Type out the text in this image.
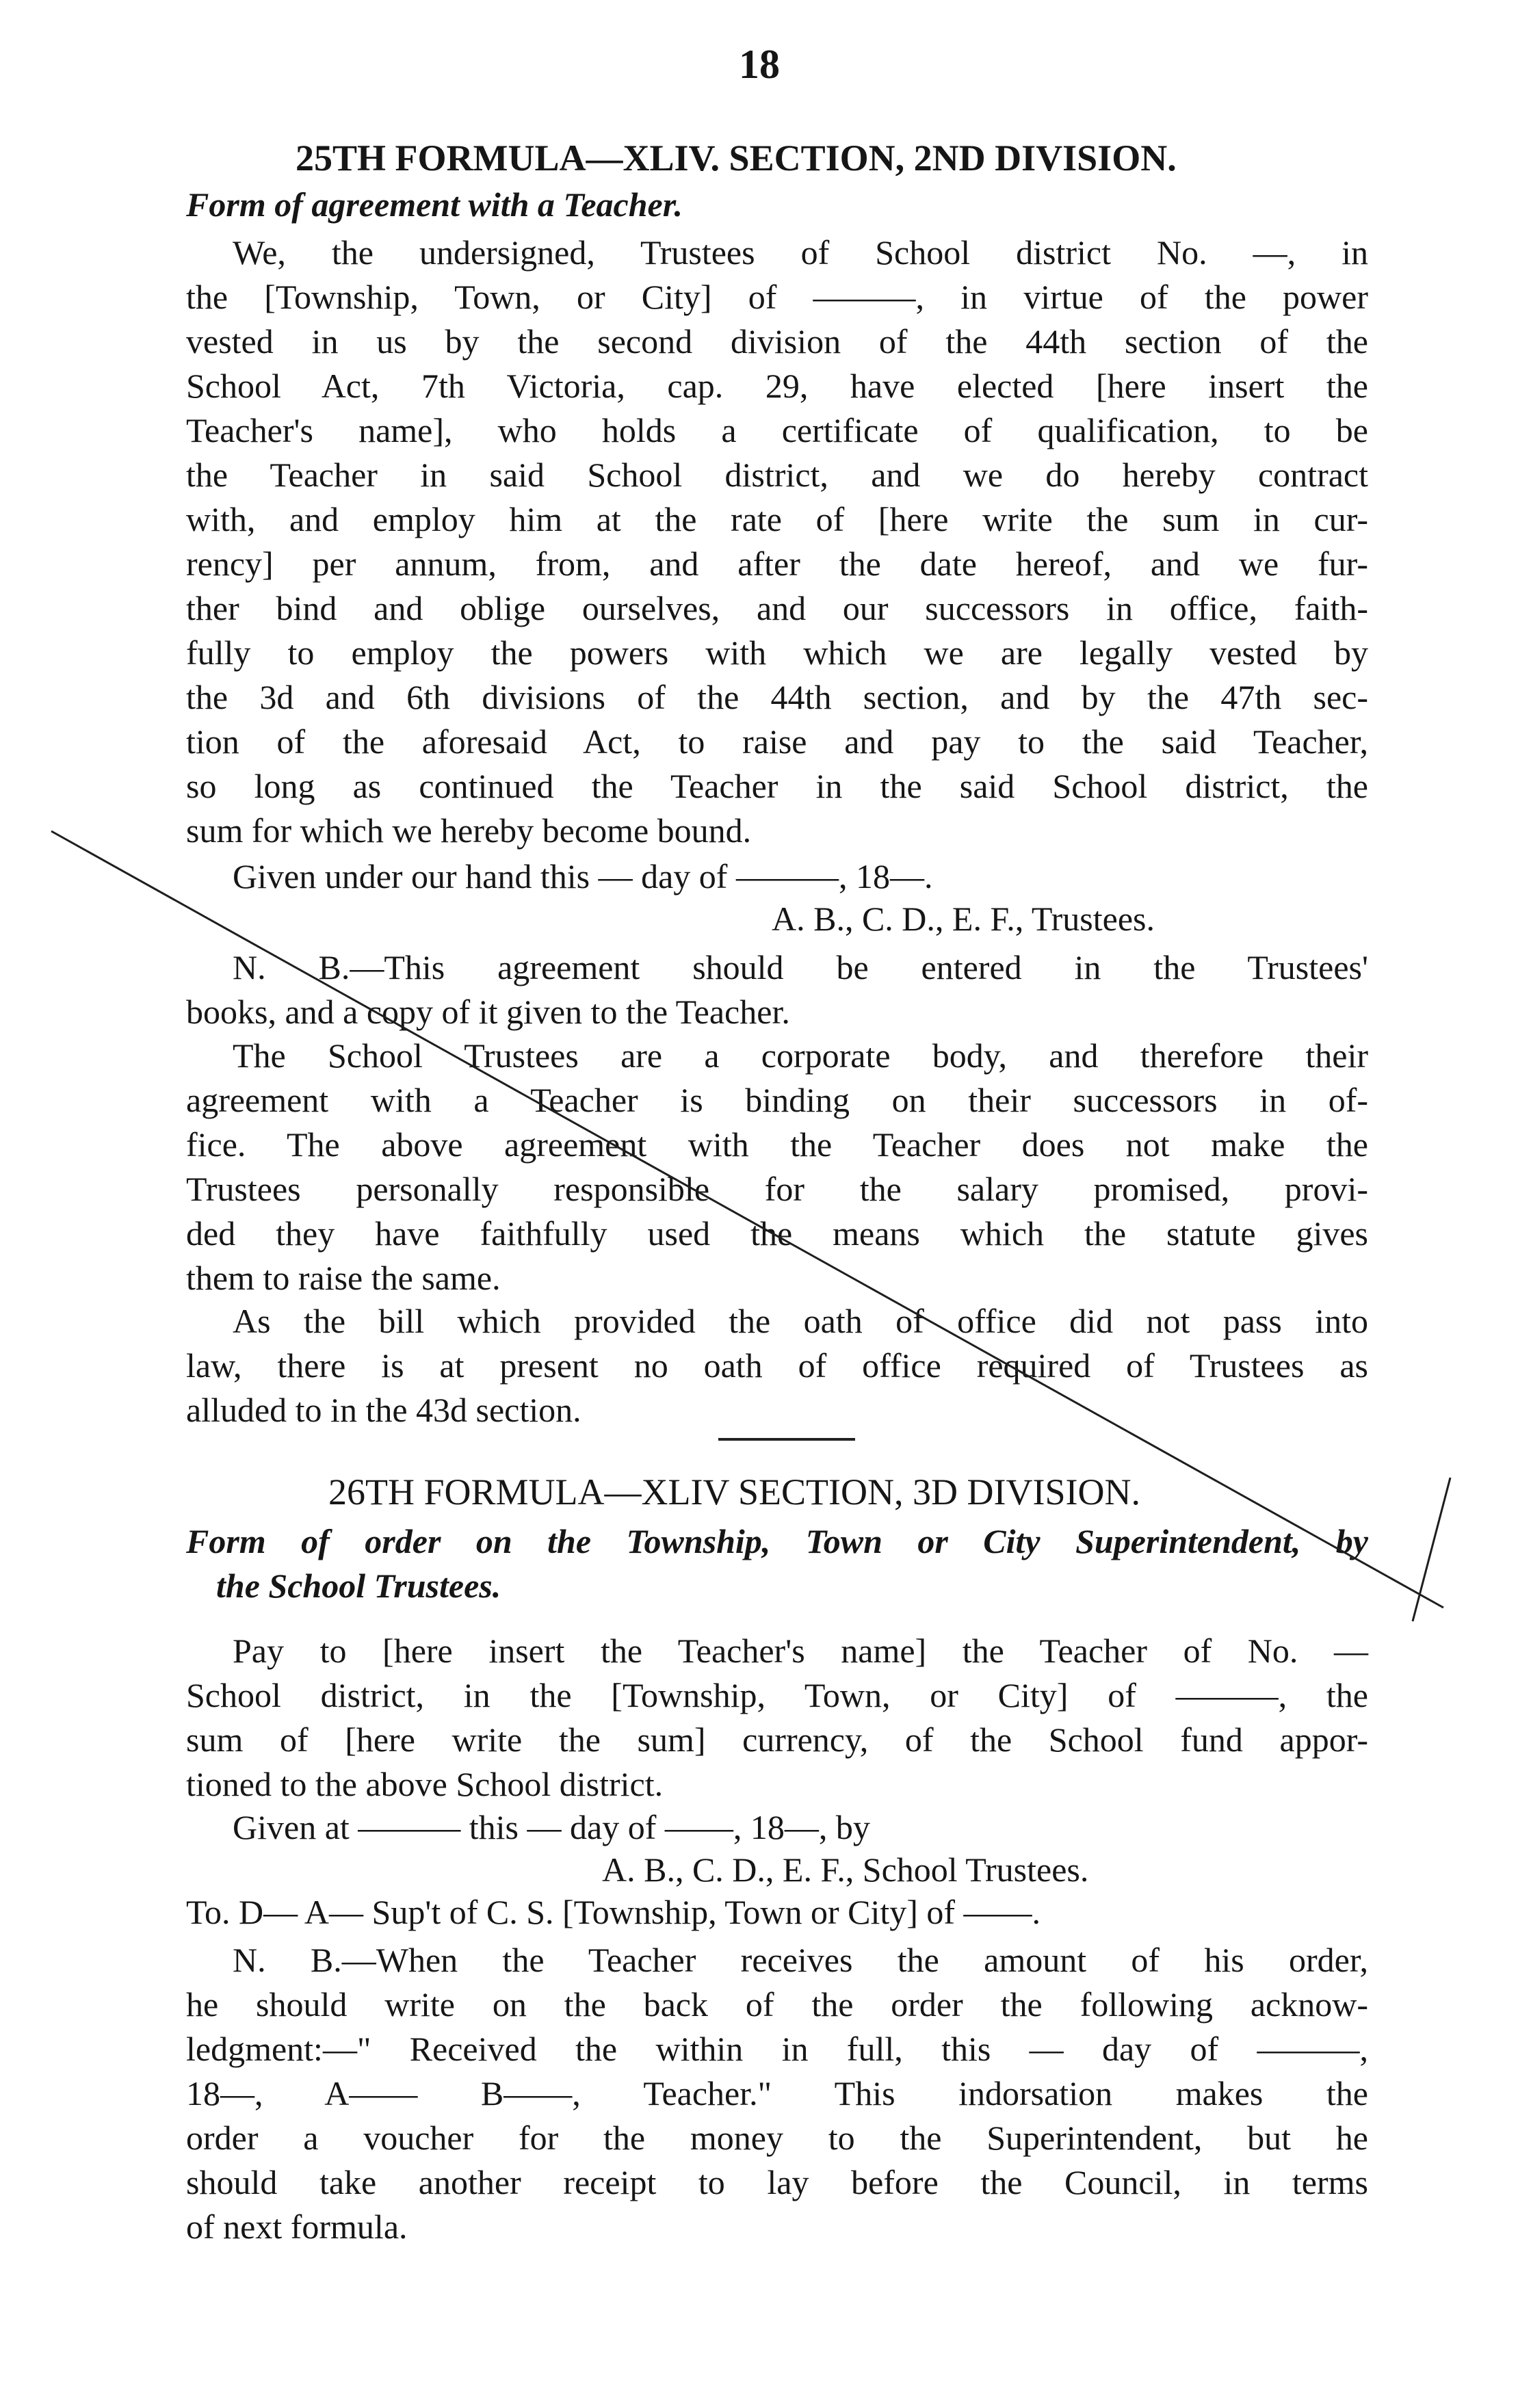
18
25TH FORMULA—XLIV. SECTION, 2ND DIVISION.
Form of agreement with a Teacher.
We, the undersigned, Trustees of School district No. —, in
the [Township, Town, or City] of ———, in virtue of the power
vested in us by the second division of the 44th section of the
School Act, 7th Victoria, cap. 29, have elected [here insert the
Teacher's name], who holds a certificate of qualification, to be
the Teacher in said School district, and we do hereby contract
with, and employ him at the rate of [here write the sum in cur-
rency] per annum, from, and after the date hereof, and we fur-
ther bind and oblige ourselves, and our successors in office, faith-
fully to employ the powers with which we are legally vested by
the 3d and 6th divisions of the 44th section, and by the 47th sec-
tion of the aforesaid Act, to raise and pay to the said Teacher,
so long as continued the Teacher in the said School district, the
sum for which we hereby become bound.
Given under our hand this — day of ———, 18—.
A. B., C. D., E. F., Trustees.
N. B.—This agreement should be entered in the Trustees'
books, and a copy of it given to the Teacher.
The School Trustees are a corporate body, and therefore their
agreement with a Teacher is binding on their successors in of-
fice. The above agreement with the Teacher does not make the
Trustees personally responsible for the salary promised, provi-
ded they have faithfully used the means which the statute gives
them to raise the same.
As the bill which provided the oath of office did not pass into
law, there is at present no oath of office required of Trustees as
alluded to in the 43d section.
26TH FORMULA—XLIV SECTION, 3D DIVISION.
Form of order on the Township, Town or City Superintendent, by
the School Trustees.
Pay to [here insert the Teacher's name] the Teacher of No. —
School district, in the [Township, Town, or City] of ———, the
sum of [here write the sum] currency, of the School fund appor-
tioned to the above School district.
Given at ——— this — day of ——, 18—, by
A. B., C. D., E. F., School Trustees.
To. D— A— Sup't of C. S. [Township, Town or City] of ——.
N. B.—When the Teacher receives the amount of his order,
he should write on the back of the order the following acknow-
ledgment:—" Received the within in full, this — day of ———,
18—, A—— B——, Teacher." This indorsation makes the
order a voucher for the money to the Superintendent, but he
should take another receipt to lay before the Council, in terms
of next formula.
